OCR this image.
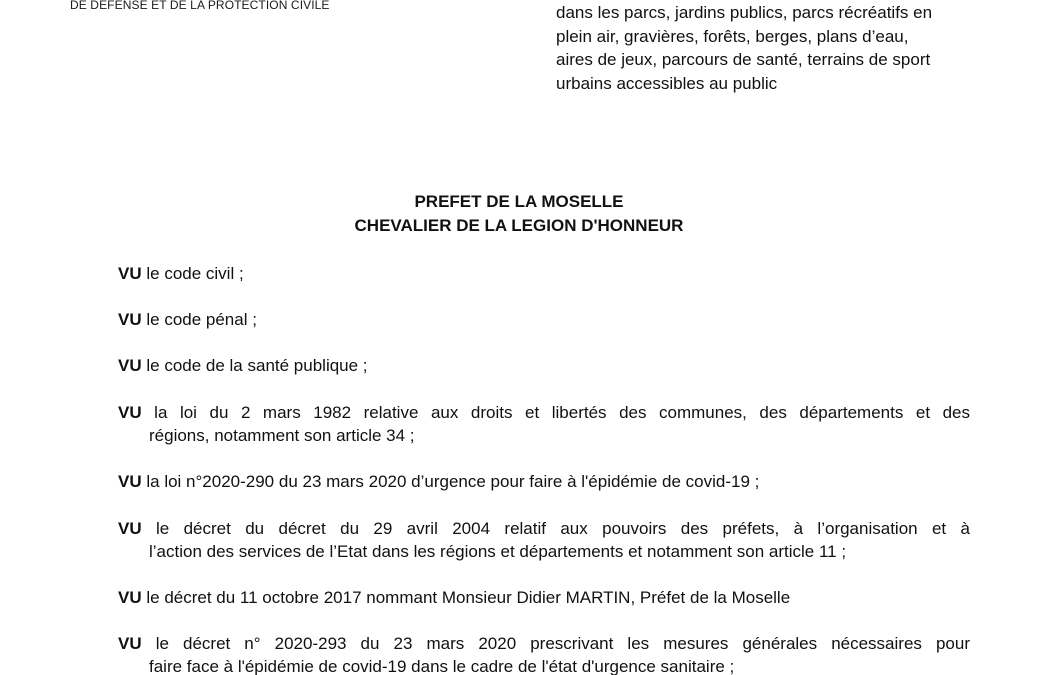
DE DEFENSE ET DE LA PROTECTION CIVILE	dans les parcs, jardins publics, parcs récréatifs en
plein air, gravières, forêts, berges, plans d’eau,
aires de jeux, parcours de santé, terrains de sport
urbains accessibles au public
PREFET DE LA MOSELLE
CHEVALIER DE LA LEGION D'HONNEUR
VU le code civil ;
VU le code pénal ;
VU le code de la santé publique ;
VU la loi du 2 mars 1982 relative aux droits et libertés des communes, des départements et des
régions, notamment son article 34 ;
VU la loi n°2020-290 du 23 mars 2020 d’urgence pour faire à l'épidémie de covid-19 ;
VU le décret du décret du 29 avril 2004 relatif aux pouvoirs des préfets, à l’organisation et à
l’action des services de l’Etat dans les régions et départements et notamment son article 11 ;
VU le décret du 11 octobre 2017 nommant Monsieur Didier MARTIN, Préfet de la Moselle
VU le décret n° 2020-293 du 23 mars 2020 prescrivant les mesures générales nécessaires pour
faire face à l'épidémie de covid-19 dans le cadre de l'état d'urgence sanitaire ;
